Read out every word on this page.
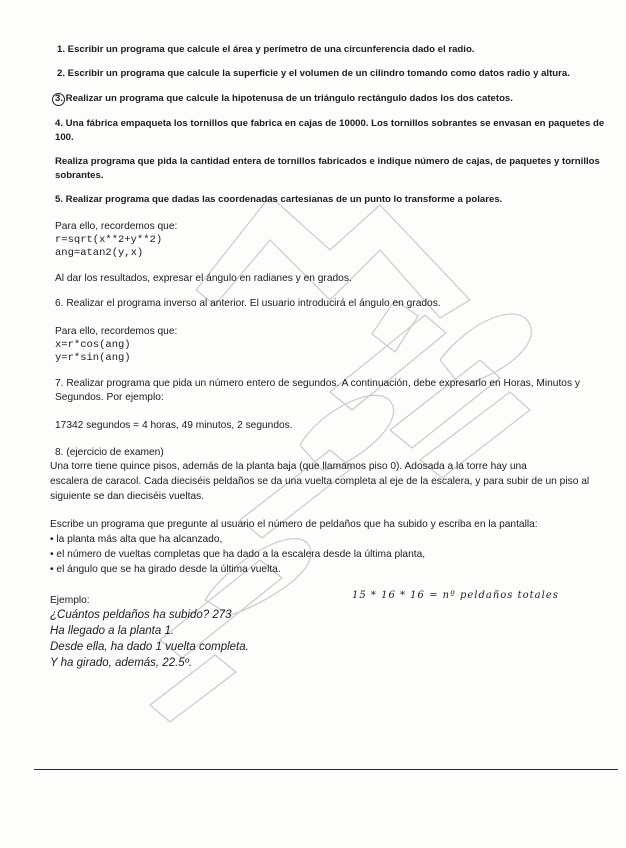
1. Escribir un programa que calcule el área y perímetro de una circunferencia dado el radio.
2. Escribir un programa que calcule la superficie y el volumen de un cilindro tomando como datos radio y altura.
3. Realizar un programa que calcule la hipotenusa de un triángulo rectángulo dados los dos catetos.
4. Una fábrica empaqueta los tornillos que fabrica en cajas de 10000. Los tornillos sobrantes se envasan en paquetes de
100.
Realiza programa que pida la cantidad entera de tornillos fabricados e indique número de cajas, de paquetes y tornillos
sobrantes.
5. Realizar programa que dadas las coordenadas cartesianas de un punto lo transforme a polares.
Para ello, recordemos que:
r=sqrt(x**2+y**2)
ang=atan2(y,x)
Al dar los resultados, expresar el ángulo en radianes y en grados.
6. Realizar el programa inverso al anterior. El usuario introducirá el ángulo en grados.
Para ello, recordemos que:
x=r*cos(ang)
y=r*sin(ang)
7. Realizar programa que pida un número entero de segundos. A continuación, debe expresarlo en Horas, Minutos y
Segundos. Por ejemplo:
17342 segundos = 4 horas, 49 minutos, 2 segundos.
8. (ejercicio de examen)
Una torre tiene quince pisos, además de la planta baja (que llamamos piso 0). Adosada a la torre hay una
escalera de caracol. Cada dieciséis peldaños se da una vuelta completa al eje de la escalera, y para subir de un piso al
siguiente se dan dieciséis vueltas.
Escribe un programa que pregunte al usuario el número de peldaños que ha subido y escriba en la pantalla:
• la planta más alta que ha alcanzado,
• el número de vueltas completas que ha dado a la escalera desde la última planta,
• el ángulo que se ha girado desde la última vuelta.
Ejemplo:
¿Cuántos peldaños ha subido? 273
Ha llegado a la planta 1.
Desde ella, ha dado 1 vuelta completa.
Y ha girado, además, 22.5º.
15 * 16 * 16 = nº peldaños totales
